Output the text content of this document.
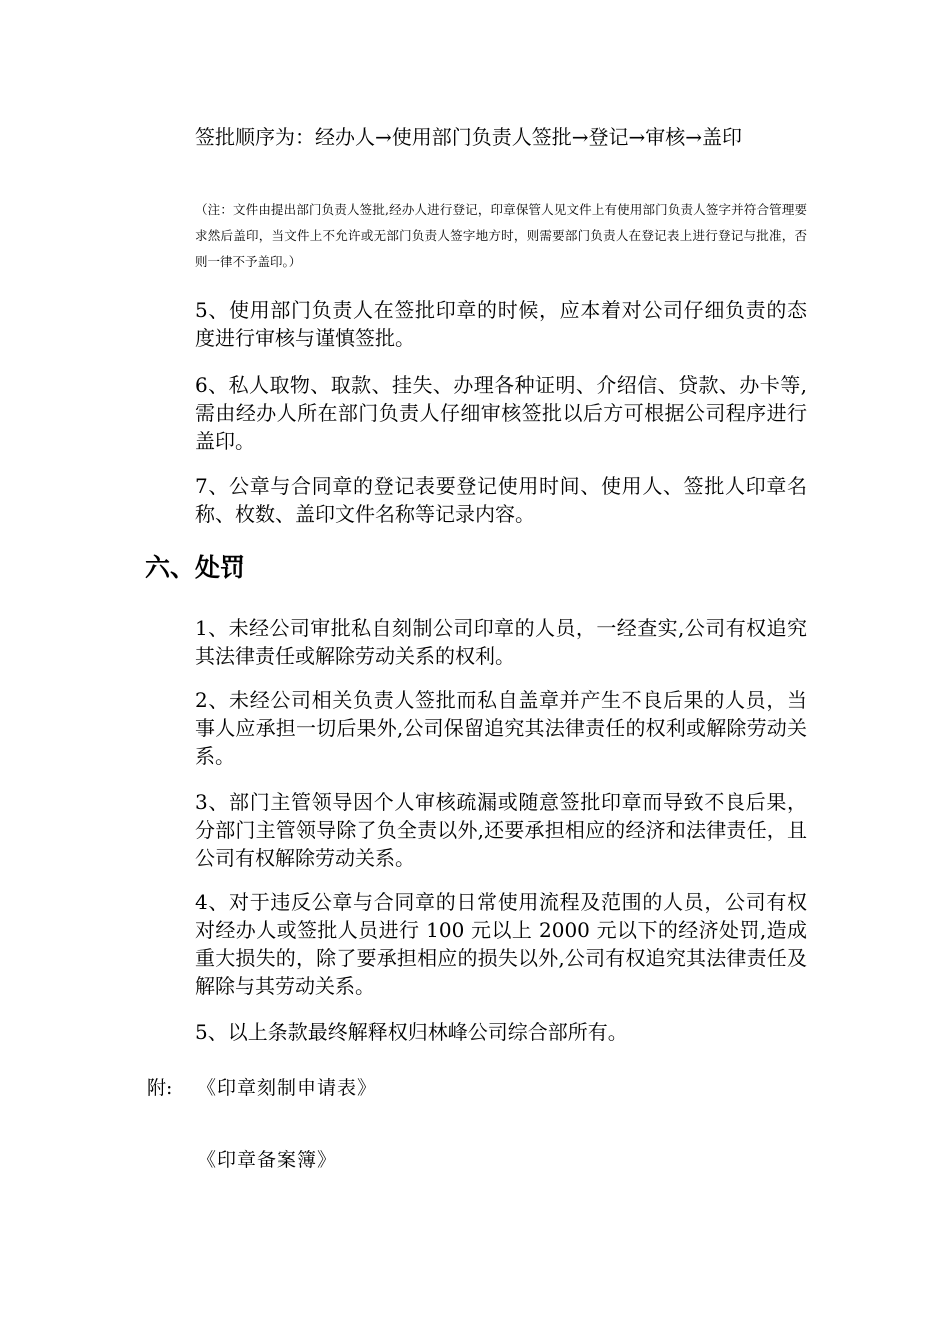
签批顺序为：经办人→使用部门负责人签批→登记→审核→盖印

（注：文件由提出部门负责人签批,经办人进行登记，印章保管人见文件上有使用部门负责人签字并符合管理要求然后盖印，当文件上不允许或无部门负责人签字地方时，则需要部门负责人在登记表上进行登记与批准，否则一律不予盖印。）

5、使用部门负责人在签批印章的时候，应本着对公司仔细负责的态度进行审核与谨慎签批。

6、私人取物、取款、挂失、办理各种证明、介绍信、贷款、办卡等,需由经办人所在部门负责人仔细审核签批以后方可根据公司程序进行盖印。

7、公章与合同章的登记表要登记使用时间、使用人、签批人印章名称、枚数、盖印文件名称等记录内容。

六、处罚

1、未经公司审批私自刻制公司印章的人员，一经查实,公司有权追究其法律责任或解除劳动关系的权利。

2、未经公司相关负责人签批而私自盖章并产生不良后果的人员，当事人应承担一切后果外,公司保留追究其法律责任的权利或解除劳动关系。

3、部门主管领导因个人审核疏漏或随意签批印章而导致不良后果，分部门主管领导除了负全责以外,还要承担相应的经济和法律责任，且公司有权解除劳动关系。

4、对于违反公章与合同章的日常使用流程及范围的人员，公司有权对经办人或签批人员进行 100 元以上 2000 元以下的经济处罚,造成重大损失的，除了要承担相应的损失以外,公司有权追究其法律责任及解除与其劳动关系。

5、以上条款最终解释权归林峰公司综合部所有。

附: 《印章刻制申请表》

《印章备案簿》
